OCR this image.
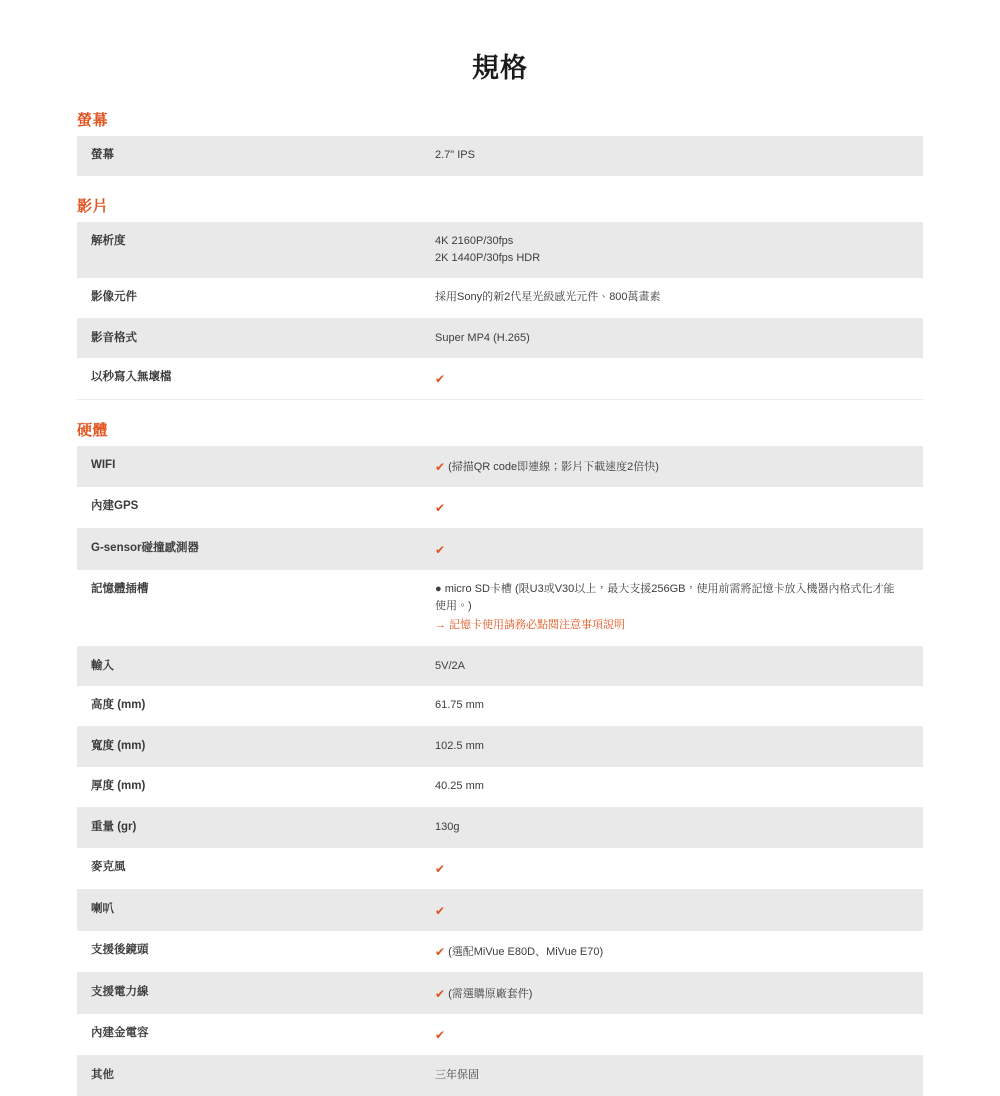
規格
螢幕
螢幕	2.7" IPS
影片
解析度	4K 2160P/30fps
2K 1440P/30fps HDR

影像元件	採用Sony的新2代星光級感光元件、800萬畫素

影音格式	Super MP4 (H.265)

以秒寫入無壞檔	✔
硬體
WIFI	✔ (掃描QR code即連線；影片下載速度2倍快)
內建GPS	✔
G-sensor碰撞感測器	✔
記憶體插槽	● micro SD卡槽 (限U3或V30以上，最大支援256GB，使用前需將記憶卡放入機器內格式化才能使用。)
→ 記憶卡使用請務必點閱注意事項說明

輸入	5V/2A

高度 (mm)	61.75 mm

寬度 (mm)	102.5 mm

厚度 (mm)	40.25 mm

重量 (gr)	130g

麥克風	✔
喇叭	✔
支援後鏡頭	✔ (選配MiVue E80D、MiVue E70)
支援電力線	✔ (需選購原廠套件)
內建金電容	✔
其他	三年保固
